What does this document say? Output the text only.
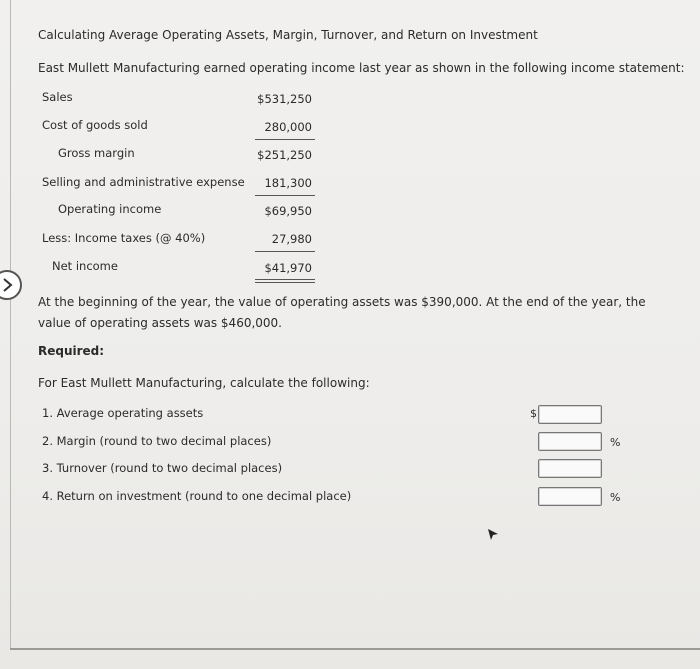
Calculating Average Operating Assets, Margin, Turnover, and Return on Investment
East Mullett Manufacturing earned operating income last year as shown in the following income statement:
Sales	$531,250
Cost of goods sold	280,000
Gross margin	$251,250
Selling and administrative expense 181,300
Operating income	$69,950
Less: Income taxes (@ 40%)	27,980
Net income	$41,970
At the beginning of the year, the value of operating assets was $390,000. At the end of the year, the value of operating assets was $460,000.
Required:
For East Mullett Manufacturing, calculate the following:
1. Average operating assets	$
2. Margin (round to two decimal places)	%
3. Turnover (round to two decimal places)
4. Return on investment (round to one decimal place)	%
